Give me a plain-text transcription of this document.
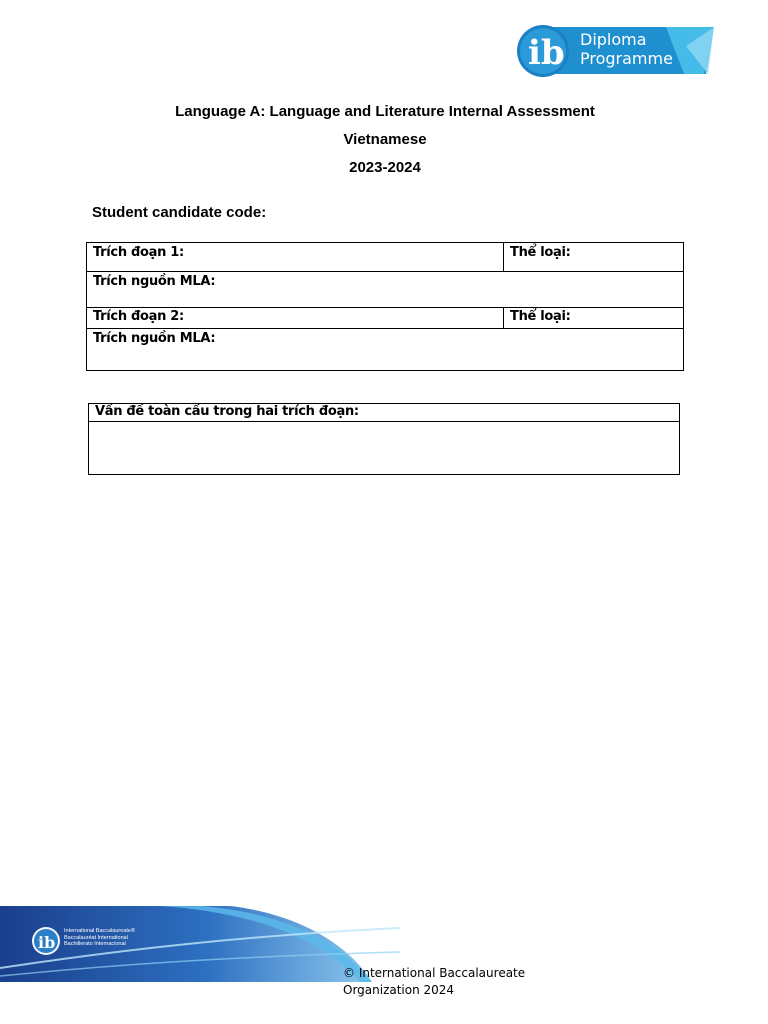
ib Diploma
Programme
Language A: Language and Literature Internal Assessment
Vietnamese
2023-2024
Student candidate code:
Trích đoạn 1:	Thể loại:
Trích nguồn MLA:	
Trích đoạn 2:	Thể loại:
Trích nguồn MLA:	
Vấn đề toàn cầu trong hai trích đoạn:

ib
International Baccalaureate®
Baccalauréat International
Bachillerato Internacional
© International Baccalaureate Organization 2024
